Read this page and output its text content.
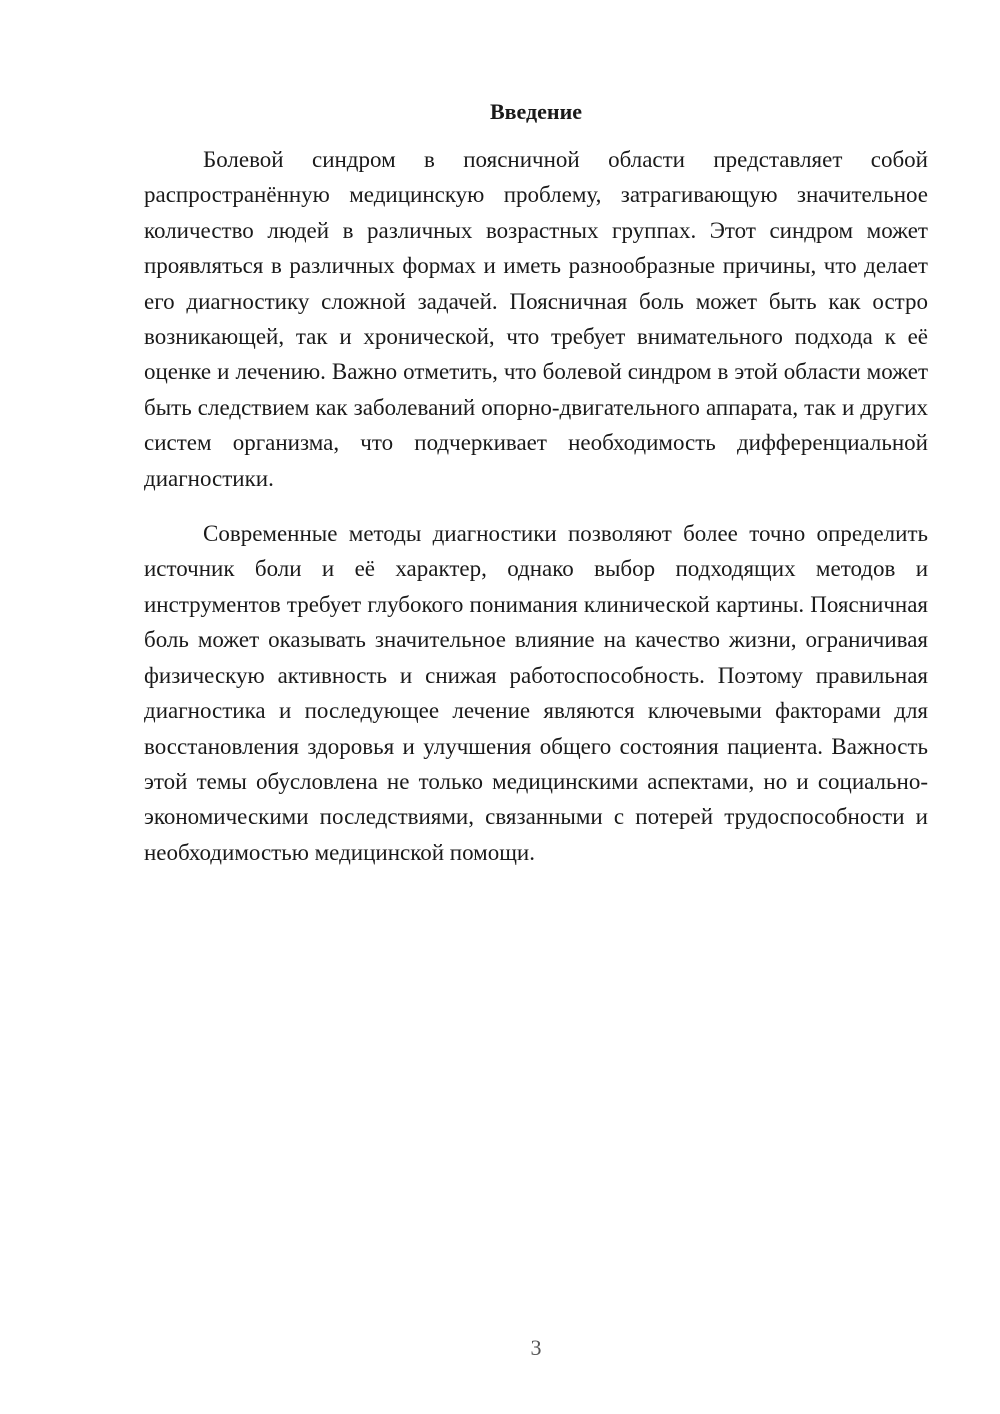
Введение

Болевой синдром в поясничной области представляет собой распространённую медицинскую проблему, затрагивающую значительное количество людей в различных возрастных группах. Этот синдром может проявляться в различных формах и иметь разнообразные причины, что делает его диагностику сложной задачей. Поясничная боль может быть как остро возникающей, так и хронической, что требует внимательного подхода к её оценке и лечению. Важно отметить, что болевой синдром в этой области может быть следствием как заболеваний опорно-двигательного аппарата, так и других систем организма, что подчеркивает необходимость дифференциальной диагностики.

Современные методы диагностики позволяют более точно определить источник боли и её характер, однако выбор подходящих методов и инструментов требует глубокого понимания клинической картины. Поясничная боль может оказывать значительное влияние на качество жизни, ограничивая физическую активность и снижая работоспособность. Поэтому правильная диагностика и последующее лечение являются ключевыми факторами для восстановления здоровья и улучшения общего состояния пациента. Важность этой темы обусловлена не только медицинскими аспектами, но и социально-экономическими последствиями, связанными с потерей трудоспособности и необходимостью медицинской помощи.

3
